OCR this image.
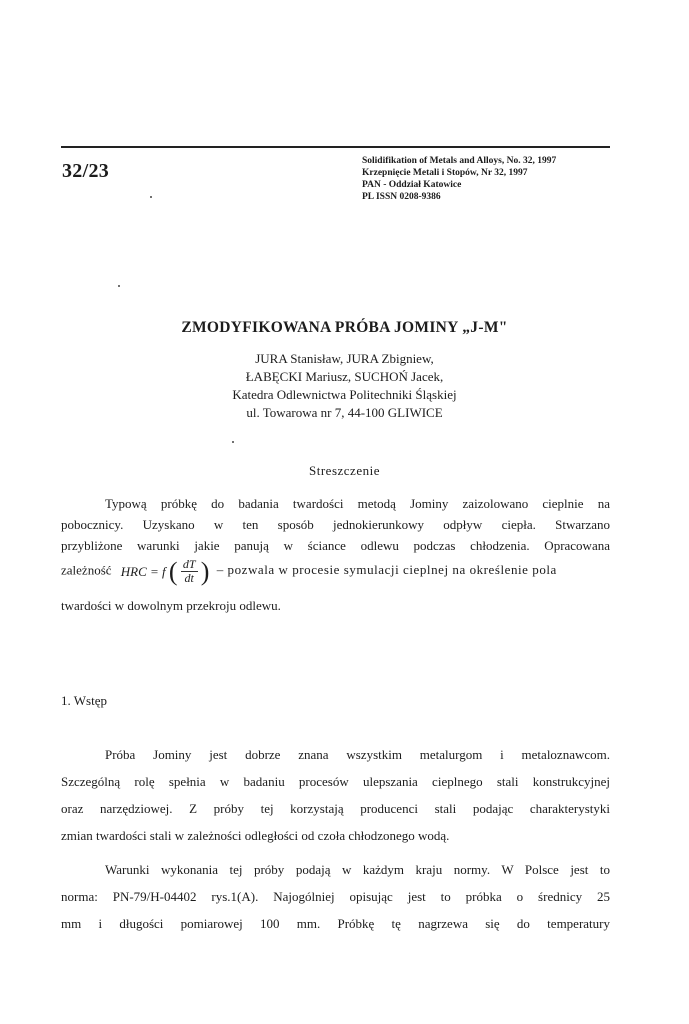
32/23	Solidifikation of Metals and Alloys, No. 32, 1997
Krzepnięcie Metali i Stopów, Nr 32, 1997
PAN - Oddział Katowice
PL ISSN 0208-9386
ZMODYFIKOWANA PRÓBA JOMINY „J-M"
JURA Stanisław, JURA Zbigniew,
ŁABĘCKI Mariusz, SUCHOŃ Jacek,
Katedra Odlewnictwa Politechniki Śląskiej
ul. Towarowa nr 7, 44-100 GLIWICE
Streszczenie
Typową próbkę do badania twardości metodą Jominy zaizolowano cieplnie na
pobocznicy. Uzyskano w ten sposób jednokierunkowy odpływ ciepła. Stwarzano
przybliżone warunki jakie panują w ściance odlewu podczas chłodzenia. Opracowana
zależność HRC = f ( $\frac{dT}{dt}$ ) – pozwala w procesie symulacji cieplnej na określenie pola
twardości w dowolnym przekroju odlewu.
1. Wstęp
Próba Jominy jest dobrze znana wszystkim metalurgom i metaloznawcom.
Szczególną rolę spełnia w badaniu procesów ulepszania cieplnego stali konstrukcyjnej
oraz narzędziowej. Z próby tej korzystają producenci stali podając charakterystyki
zmian twardości stali w zależności odległości od czoła chłodzonego wodą.
Warunki wykonania tej próby podają w każdym kraju normy. W Polsce jest to
norma: PN-79/H-04402 rys.1(A). Najogólniej opisując jest to próbka o średnicy 25
mm i długości pomiarowej 100 mm. Próbkę tę nagrzewa się do temperatury
